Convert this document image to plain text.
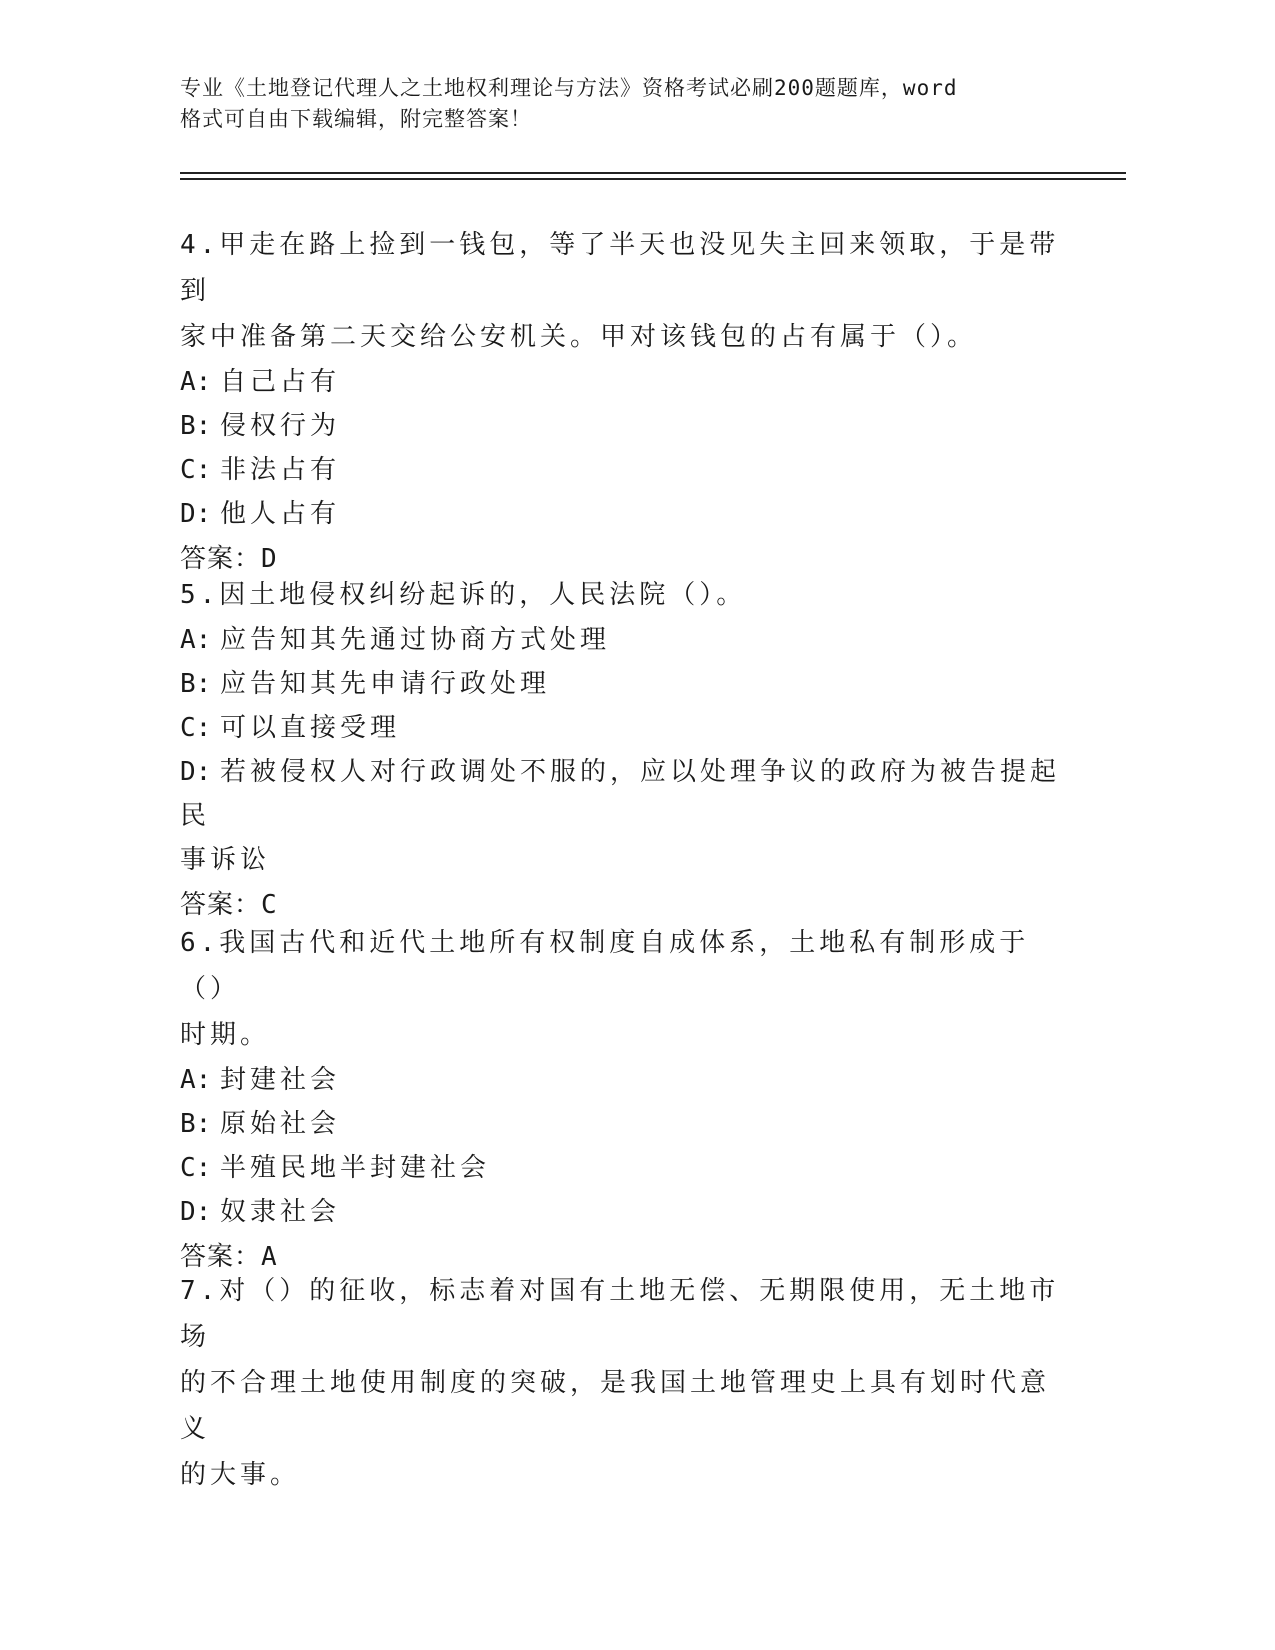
专业《土地登记代理人之土地权利理论与方法》资格考试必刷200题题库，word
格式可自由下载编辑，附完整答案！

4.甲走在路上捡到一钱包，等了半天也没见失主回来领取，于是带到

家中准备第二天交给公安机关。甲对该钱包的占有属于（）。

A: 自己占有

B: 侵权行为

C: 非法占有

D: 他人占有

答案：D

5.因土地侵权纠纷起诉的，人民法院（）。

A: 应告知其先通过协商方式处理

B: 应告知其先申请行政处理

C: 可以直接受理

D: 若被侵权人对行政调处不服的，应以处理争议的政府为被告提起民

事诉讼

答案：C

6.我国古代和近代土地所有权制度自成体系，土地私有制形成于（）

时期。

A: 封建社会

B: 原始社会

C: 半殖民地半封建社会

D: 奴隶社会

答案：A

7.对（）的征收，标志着对国有土地无偿、无期限使用，无土地市场

的不合理土地使用制度的突破，是我国土地管理史上具有划时代意义

的大事。
